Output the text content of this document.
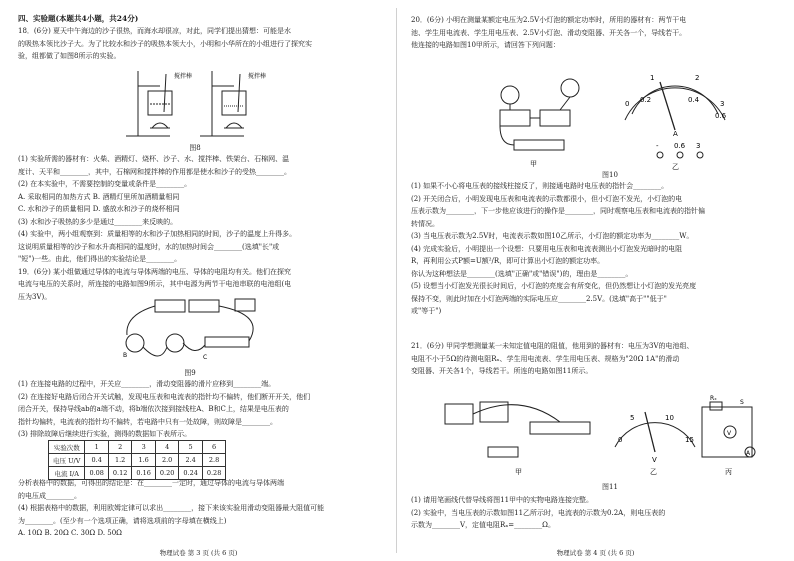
四、实验题(本题共4小题，共24分)
18．(6分) 夏天中午海边的沙子很热，而海水却很凉，对此，同学们提出猜想：可能是水
的吸热本领比沙子大。为了比较水和沙子的吸热本领大小，小明和小华所在的小组进行了探究实
验，组都做了如图8所示的实验。
搅拌棒	搅拌棒
图8
(1) 实验所需的器材有：火柴、酒精灯、烧杯、沙子、水、搅拌棒、铁架台、石棉网、温
度计、天平和________，其中，石棉网和搅拌棒的作用都是使水和沙子的受热________。
(2) 在本实验中，不需要控制的变量或条件是________。
A. 采取相同的加热方式 B. 酒精灯里所加酒精量相同
C. 水和沙子的质量相同 D. 盛放水和沙子的烧杯相同
(3) 水和沙子吸热的多少是通过________来反映的。
(4) 实验中，两小组观察到：质量相等的水和沙子加热相同的时间，沙子的温度上升得多。
这说明质量相等的沙子和水升高相同的温度时，水的加热时间会________(选填"长"或
"短")一些。由此，他们得出的实验结论是________。
19．(6分) 某小组做通过导体的电流与导体两端的电压、导体的电阻均有关。他们在探究
电流与电压的关系时，所连接的电路如图9所示，其中电源为两节干电池串联的电池组(电
压为3V)。
B	C
图9
(1) 在连接电路的过程中，开关应________，滑动变阻器的滑片应移到________端。
(2) 在连接好电路后闭合开关试触，发现电压表和电流表的指针均不偏转，他们断开开关，他们
闭合开关，保持导线ab的a端不动，将b端依次接到接线柱A、B和C上，结果是电压表的
指针均偏转，电流表的指针均不偏转，若电路中只有一处故障，则故障是________。
(3) 排除故障后继续进行实验，测得的数据如下表所示。
实验次数	1	2	3	4	5	6
电压 U/V	0.4	1.2	1.6	2.0	2.4	2.8
电流 I/A	0.08	0.12	0.16	0.20	0.24	0.28
分析表格中的数据，可得出的结论是：在________一定时，通过导体的电流与导体两端
的电压成________。
(4) 根据表格中的数据，利用欧姆定律可以求出________，接下来该实验用滑动变阻器最大阻值可能
为________。(至少有一个选项正确，请将选项前的字母填在横线上)
A. 10Ω B. 20Ω C. 30Ω D. 50Ω
物理试卷 第 3 页 (共 6 页)
20．(6分) 小明在测量某额定电压为2.5V小灯泡的额定功率时，所用的器材有：两节干电
池、学生用电流表、学生用电压表、2.5V小灯泡、滑动变阻器、开关各一个，导线若干。
他连接的电路如图10甲所示，请回答下列问题：
0
1	2
3
0.2	0.4
0.6
A
- 0.6 3
甲	乙
图10
(1) 如果不小心将电压表的接线柱接反了，则接通电路时电压表的指针会________。
(2) 开关闭合后，小明发现电压表和电流表的示数都很小，但小灯泡不发光，小灯泡的电
压表示数为________，下一步他应该进行的操作是________，同时观察电压表和电流表的指针偏
转情况。
(3) 当电压表示数为2.5V时，电流表示数如图10乙所示，小灯泡的额定功率为________W。
(4) 完成实验后，小明提出一个设想：只要用电压表和电流表测出小灯泡发光暗时的电阻
R，再利用公式P额=U额²/R，即可计算出小灯泡的额定功率。
你认为这种想法是________(选填"正确"或"错误")的，理由是________。
(5) 设想当小灯泡发光很长时间后，小灯泡的亮度会有所变化，但仍然想让小灯泡的发光亮度
保持不变，则此时加在小灯泡两端的实际电压应________2.5V。(选填"高于""低于"
或"等于")
21．(6分) 甲同学想测量某一未知定值电阻的阻值，他用到的器材有：电压为3V的电池组、
电阻不小于5Ω的待测电阻Rₓ、学生用电流表、学生用电压表、规格为"20Ω 1A"的滑动
变阻器、开关各1个，导线若干。所连的电路如图11所示。
0
5	10
15
V
Rₓ
S
V
A
甲	乙	丙
图11
(1) 请用笔画线代替导线将图11甲中的实物电路连接完整。
(2) 实验中，当电压表的示数如图11乙所示时，电流表的示数为0.2A，则电压表的
示数为________V，定值电阻Rₓ=________Ω。
物理试卷 第 4 页 (共 6 页)
